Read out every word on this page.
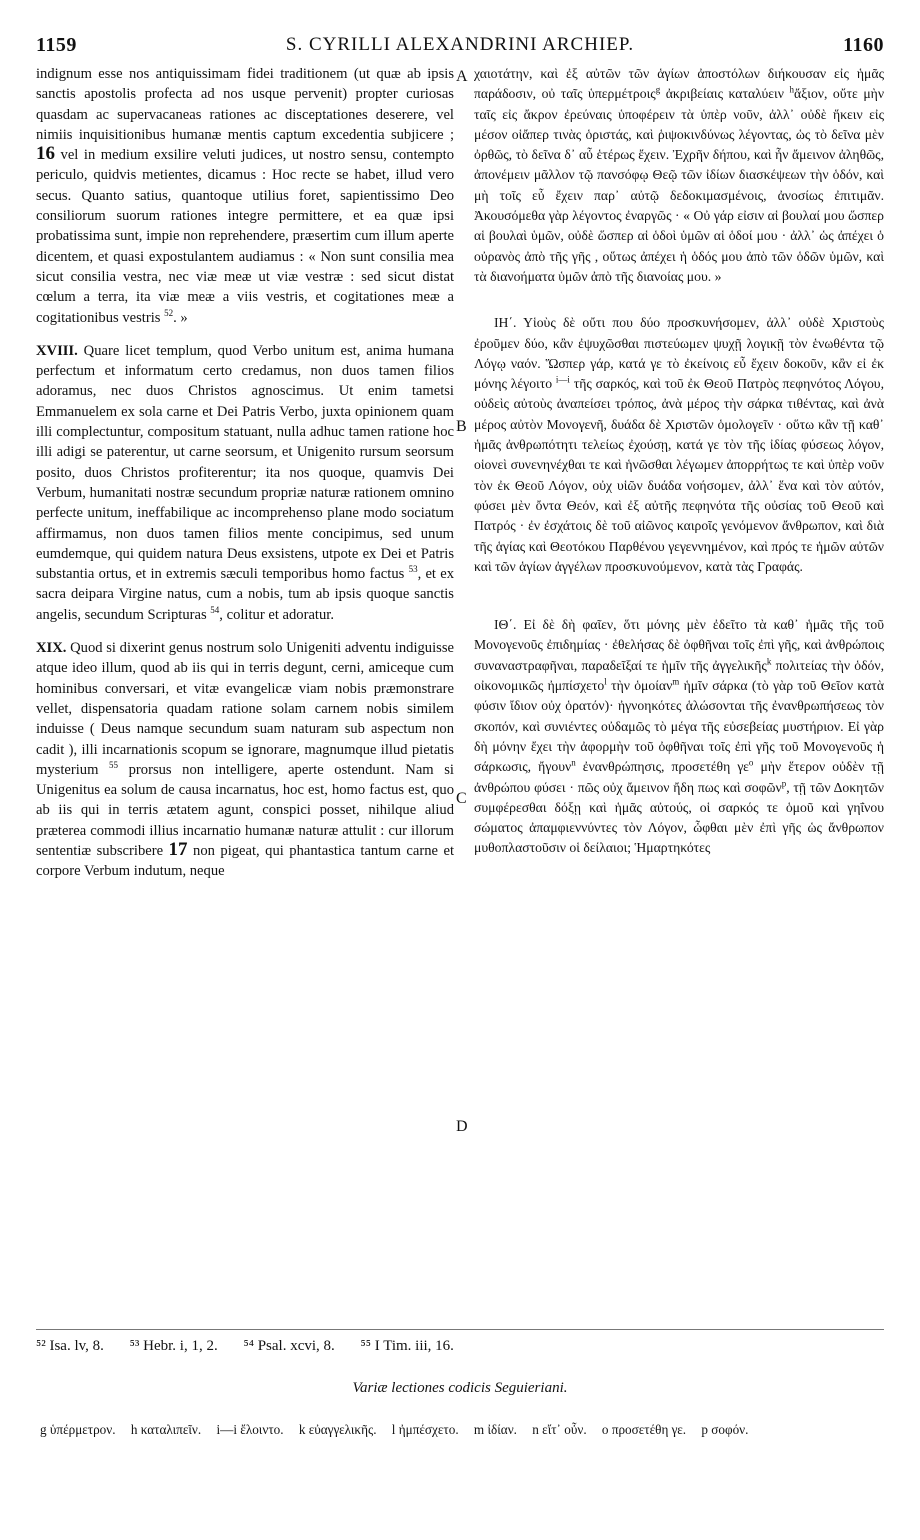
1159	S. CYRILLI ALEXANDRINI ARCHIEP.	1160

indignum esse nos antiquissimam fidei traditionem (ut quæ ab ipsis sanctis apostolis profecta ad nos usque pervenit) propter curiosas quasdam ac supervacaneas rationes ac disceptationes deserere, vel nimiis inquisitionibus humanæ mentis captum excedentia subjicere ; 16 vel in medium exsilire veluti judices, ut nostro sensu, contempto periculo, quidvis metientes, dicamus : Hoc recte se habet, illud vero secus. Quanto satius, quantoque utilius foret, sapientissimo Deo consiliorum suorum rationes integre permittere, et ea quæ ipsi probatissima sunt, impie non reprehendere, præsertim cum illum aperte dicentem, et quasi expostulantem audiamus : « Non sunt consilia mea sicut consilia vestra, nec viæ meæ ut viæ vestræ : sed sicut distat cœlum a terra, ita viæ meæ a viis vestris, et cogitationes meæ a cogitationibus vestris $^{52}$. »

XVIII. Quare licet templum, quod Verbo unitum est, anima humana perfectum et informatum certo credamus, non duos tamen filios adoramus, nec duos Christos agnoscimus. Ut enim tametsi Emmanuelem ex sola carne et Dei Patris Verbo, juxta opinionem quam illi complectuntur, compositum statuant, nulla adhuc tamen ratione hoc illi adigi se paterentur, ut carne seorsum, et Unigenito rursum seorsum posito, duos Christos profiterentur; ita nos quoque, quamvis Dei Verbum, humanitati nostræ secundum propriæ naturæ rationem omnino perfecte unitum, ineffabilique ac incomprehenso plane modo sociatum affirmamus, non duos tamen filios mente concipimus, sed unum eumdemque, qui quidem natura Deus exsistens, utpote ex Dei et Patris substantia ortus, et in extremis sæculi temporibus homo factus $^{53}$, et ex sacra deipara Virgine natus, cum a nobis, tum ab ipsis quoque sanctis angelis, secundum Scripturas $^{54}$, colitur et adoratur.

XIX. Quod si dixerint genus nostrum solo Unigeniti adventu indiguisse atque ideo illum, quod ab iis qui in terris degunt, cerni, amiceque cum hominibus conversari, et vitæ evangelicæ viam nobis præmonstrare vellet, dispensatoria quadam ratione solam carnem nobis similem induisse ( Deus namque secundum suam naturam sub aspectum non cadit ), illi incarnationis scopum se ignorare, magnumque illud pietatis mysterium $^{55}$ prorsus non intelligere, aperte ostendunt. Nam si Unigenitus ea solum de causa incarnatus, hoc est, homo factus est, quo ab iis qui in terris ætatem agunt, conspici posset, nihilque aliud præterea commodi illius incarnatio humanæ naturæ attulit : cur illorum sententiæ subscribere 17 non pigeat, qui phantastica tantum carne et corpore Verbum indutum, neque

A
B
C
D

χαιοτάτην, καὶ ἐξ αὐτῶν τῶν ἁγίων ἀποστόλων διήκουσαν εἰς ἡμᾶς παράδοσιν, οὐ ταῖς ὑπερμέτροις$^g$ ἀκριβείαις καταλύειν $^h$ἄξιον, οὔτε μὴν ταῖς εἰς ἄκρον ἐρεύναις ὑποφέρειν τὰ ὑπὲρ νοῦν, ἀλλ᾽ οὐδὲ ἥκειν εἰς μέσον οἱἄπερ τινὰς ὁριστάς, καὶ ῥιψοκινδύνως λέγοντας, ὡς τὸ δεῖνα μὲν ὀρθῶς, τὸ δεῖνα δ᾽ αὖ ἑτέρως ἔχειν. Ἐχρῆν δήπου, καὶ ἦν ἄμεινον ἀληθῶς, ἀπονέμειν μᾶλλον τῷ πανσόφῳ Θεῷ τῶν ἰδίων διασκέψεων τὴν ὁδόν, καὶ μὴ τοῖς εὖ ἔχειν παρ᾽ αὐτῷ δεδοκιμασμένοις, ἀνοσίως ἐπιτιμᾶν. Ἀκουσόμεθα γὰρ λέγοντος ἐναργῶς · « Οὐ γάρ εἰσιν αἱ βουλαί μου ὥσπερ αἱ βουλαὶ ὑμῶν, οὐδὲ ὥσπερ αἱ ὁδοὶ ὑμῶν αἱ ὁδοί μου · ἀλλ᾽ ὡς ἀπέχει ὁ οὐρανὸς ἀπὸ τῆς γῆς , οὕτως ἀπέχει ἡ ὁδός μου ἀπὸ τῶν ὁδῶν ὑμῶν, καὶ τὰ διανοήματα ὑμῶν ἀπὸ τῆς διανοίας μου. »

ΙΗ΄. Υἱοὺς δὲ οὔτι που δύο προσκυνήσομεν, ἀλλ᾽ οὐδὲ Χριστοὺς ἐροῦμεν δύο, κἂν ἐψυχῶσθαι πιστεύωμεν ψυχῇ λογικῇ τὸν ἑνωθέντα τῷ Λόγῳ ναόν. Ὥσπερ γάρ, κατά γε τὸ ἐκείνοις εὖ ἔχειν δοκοῦν, κἂν εἰ ἐκ μόνης λέγοιτο $^{i—i}$ τῆς σαρκός, καὶ τοῦ ἐκ Θεοῦ Πατρὸς πεφηνότος Λόγου, οὐδεὶς αὐτοὺς ἀναπείσει τρόπος, ἀνὰ μέρος τὴν σάρκα τιθέντας, καὶ ἀνὰ μέρος αὐτὸν Μονογενῆ, δυάδα δὲ Χριστῶν ὁμολογεῖν · οὕτω κἂν τῇ καθ᾽ ἡμᾶς ἀνθρωπότητι τελείως ἐχούσῃ, κατά γε τὸν τῆς ἰδίας φύσεως λόγον, οἱονεὶ συνενηνέχθαι τε καὶ ἡνῶσθαι λέγωμεν ἀπορρήτως τε καὶ ὑπὲρ νοῦν τὸν ἐκ Θεοῦ Λόγον, οὐχ υἱῶν δυάδα νοήσομεν, ἀλλ᾽ ἕνα καὶ τὸν αὐτόν, φύσει μὲν ὄντα Θεόν, καὶ ἐξ αὐτῆς πεφηνότα τῆς οὐσίας τοῦ Θεοῦ καὶ Πατρός · ἐν ἐσχάτοις δὲ τοῦ αἰῶνος καιροῖς γενόμενον ἄνθρωπον, καὶ διὰ τῆς ἁγίας καὶ Θεοτόκου Παρθένου γεγεννημένον, καὶ πρός τε ἡμῶν αὐτῶν καὶ τῶν ἁγίων ἀγγέλων προσκυνούμενον, κατὰ τὰς Γραφάς.

ΙΘ΄. Εἰ δὲ δὴ φαῖεν, ὅτι μόνης μὲν ἐδεῖτο τὰ καθ᾽ ἡμᾶς τῆς τοῦ Μονογενοῦς ἐπιδημίας · ἐθελήσας δὲ ὀφθῆναι τοῖς ἐπὶ γῆς, καὶ ἀνθρώποις συναναστραφῆναι, παραδεῖξαί τε ἡμῖν τῆς ἀγγελικῆς$^k$ πολιτείας τὴν ὁδόν, οἰκονομικῶς ἠμπίσχετο$^l$ τὴν ὁμοίαν$^m$ ἡμῖν σάρκα (τὸ γὰρ τοῦ Θεῖον κατὰ φύσιν ἴδιον οὐχ ὁρατόν)· ἠγνοηκότες ἁλώσονται τῆς ἐνανθρωπήσεως τὸν σκοπόν, καὶ συνιέντες οὐδαμῶς τὸ μέγα τῆς εὐσεβείας μυστήριον. Εἰ γὰρ δὴ μόνην ἔχει τὴν ἀφορμὴν τοῦ ὀφθῆναι τοῖς ἐπὶ γῆς τοῦ Μονογενοῦς ἡ σάρκωσις, ἤγουν$^n$ ἐνανθρώπησις, προσετέθη $\gamma\varepsilon^o$ μὴν ἕτερον οὐδὲν τῇ ἀνθρώπου φύσει · πῶς οὐχ ἄμεινον ἤδη πως καὶ σοφῶν$^p$, τῇ τῶν Δοκητῶν συμφέρεσθαι δόξῃ καὶ ἡμᾶς αὐτούς, οἱ σαρκός τε ὁμοῦ καὶ γηΐνου σώματος ἀπαμφιεννύντες τὸν Λόγον, ὦφθαι μὲν ἐπὶ γῆς ὡς ἄνθρωπον μυθοπλαστοῦσιν οἱ δείλαιοι; Ἡμαρτηκότες

⁵² Isa. lv, 8. ⁵³ Hebr. i, 1, 2. ⁵⁴ Psal. xcvi, 8. ⁵⁵ I Tim. iii, 16.
Variæ lectiones codicis Seguieriani.
g ὑπέρμετρον. h καταλιπεῖν. i—i ἔλοιντο. k εὐαγγελικῆς. l ἠμπέσχετο. m ἰδίαν. n εἴτ᾽ οὖν. o προσετέθη γε. p σοφόν.
